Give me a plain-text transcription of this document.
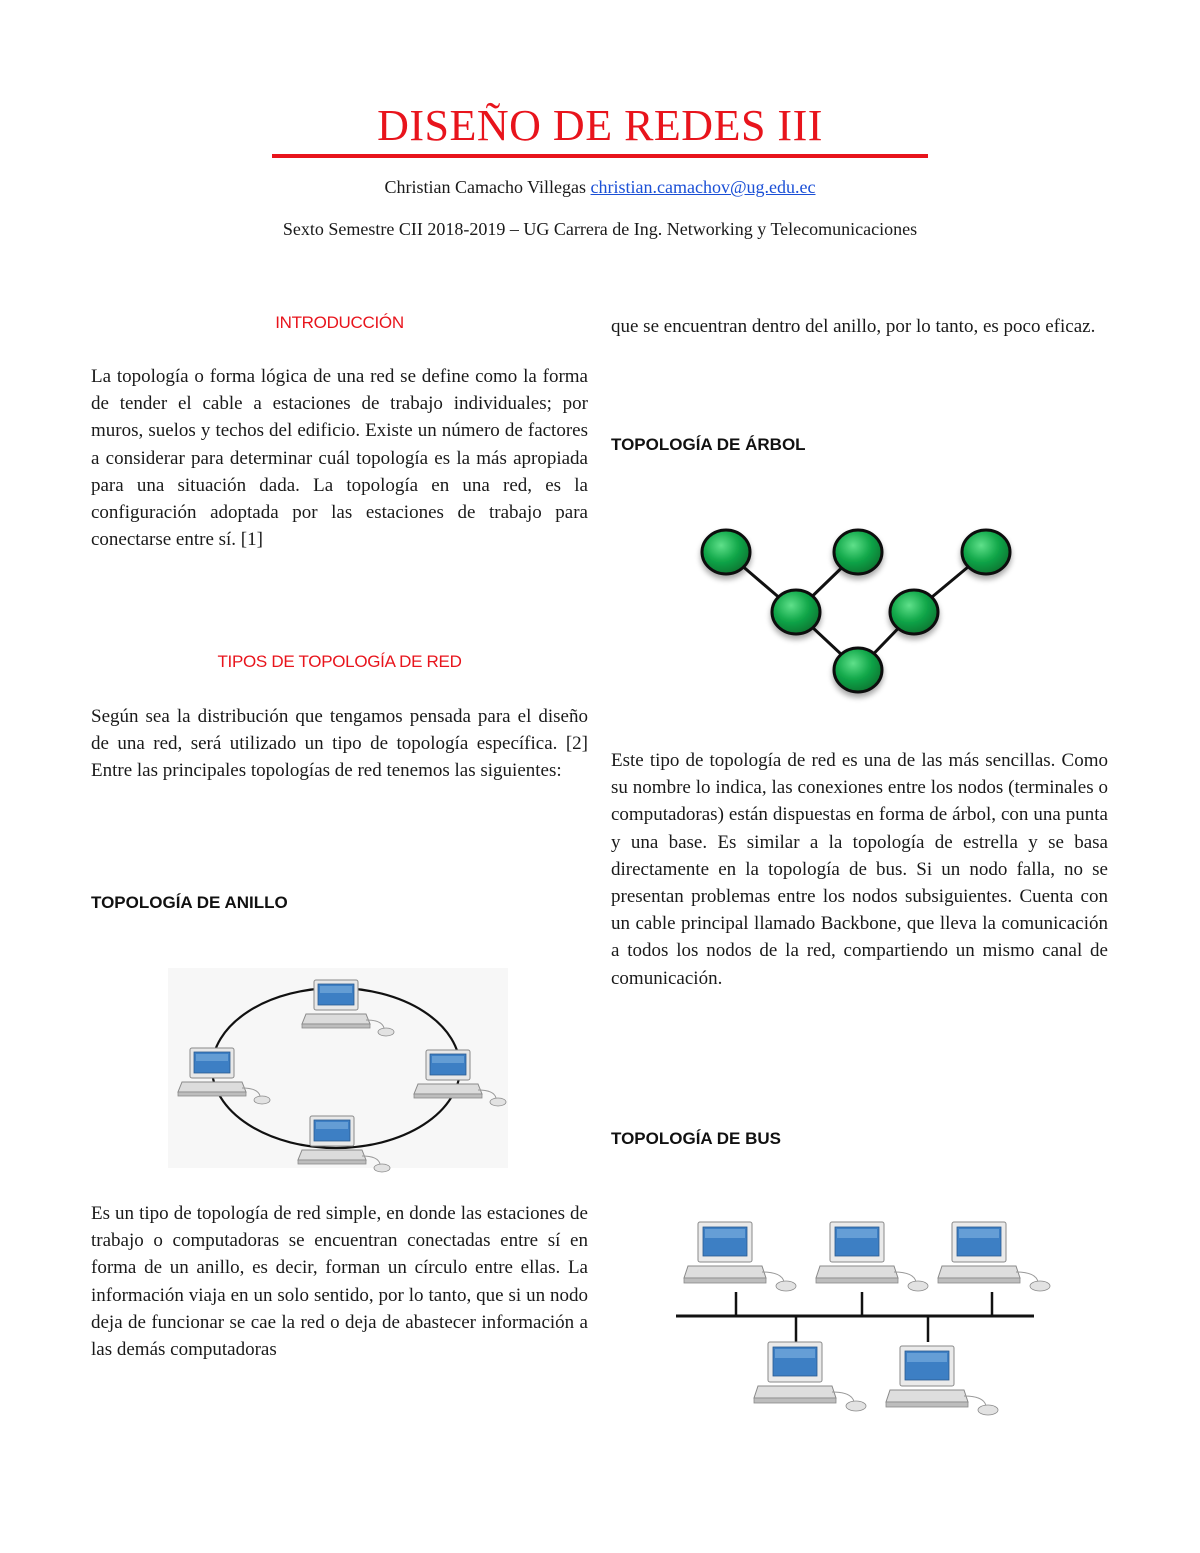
DISEÑO DE REDES III
Christian Camacho Villegas christian.camachov@ug.edu.ec
Sexto Semestre CII 2018-2019 – UG Carrera de Ing. Networking y Telecomunicaciones
INTRODUCCIÓN

La topología o forma lógica de una red se define como la forma de tender el cable a estaciones de trabajo individuales; por muros, suelos y techos del edificio. Existe un número de factores a considerar para determinar cuál topología es la más apropiada para una situación dada. La topología en una red, es la configuración adoptada por las estaciones de trabajo para conectarse entre sí. [1]

TIPOS DE TOPOLOGÍA DE RED

Según sea la distribución que tengamos pensada para el diseño de una red, será utilizado un tipo de topología específica. [2] Entre las principales topologías de red tenemos las siguientes:

TOPOLOGÍA DE ANILLO

Es un tipo de topología de red simple, en donde las estaciones de trabajo o computadoras se encuentran conectadas entre sí en forma de un anillo, es decir, forman un círculo entre ellas. La información viaja en un solo sentido, por lo tanto, que si un nodo deja de funcionar se cae la red o deja de abastecer información a las demás computadoras

que se encuentran dentro del anillo, por lo tanto, es poco eficaz.

TOPOLOGÍA DE ÁRBOL

Este tipo de topología de red es una de las más sencillas. Como su nombre lo indica, las conexiones entre los nodos (terminales o computadoras) están dispuestas en forma de árbol, con una punta y una base. Es similar a la topología de estrella y se basa directamente en la topología de bus. Si un nodo falla, no se presentan problemas entre los nodos subsiguientes. Cuenta con un cable principal llamado Backbone, que lleva la comunicación a todos los nodos de la red, compartiendo un mismo canal de comunicación.

TOPOLOGÍA DE BUS
